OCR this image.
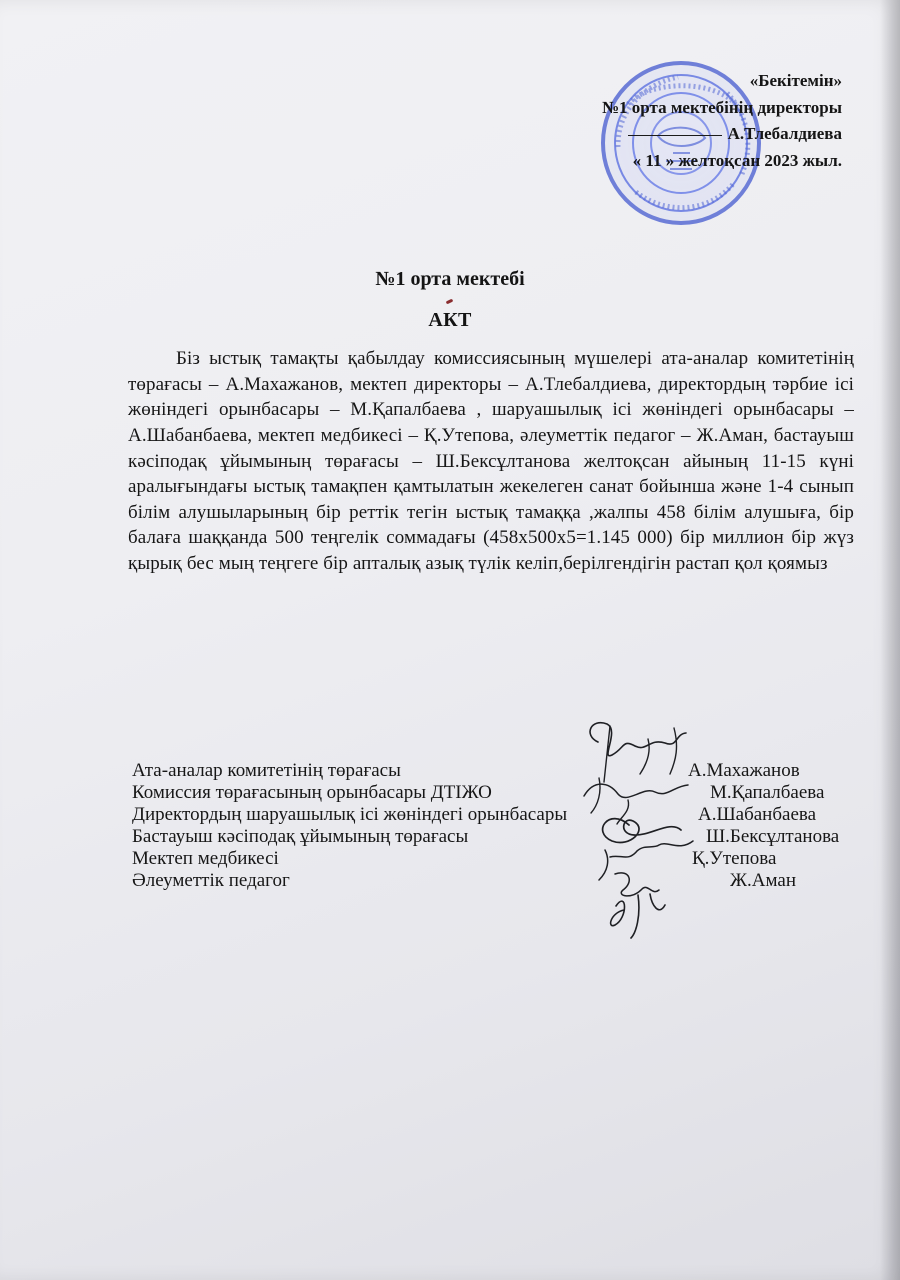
«Бекітемін»
№1 орта мектебінің директоры
А.Тлебалдиева
« 11 » желтоқсан 2023 жыл.
№1 орта мектебі
АКТ
Біз ыстық тамақты қабылдау комиссиясының мүшелері ата-аналар комитетінің төрағасы – А.Махажанов, мектеп директоры – А.Тлебалдиева, директордың тәрбие ісі жөніндегі орынбасары – М.Қапалбаева , шаруашылық ісі жөніндегі орынбасары – А.Шабанбаева, мектеп медбикесі – Қ.Утепова, әлеуметтік педагог – Ж.Аман, бастауыш кәсіподақ ұйымының төрағасы – Ш.Бексұлтанова желтоқсан айының 11-15 күні аралығындағы ыстық тамақпен қамтылатын жекелеген санат бойынша және 1-4 сынып білім алушыларының бір реттік тегін ыстық тамаққа ,жалпы 458 білім алушыға, бір балаға шаққанда 500 теңгелік соммадағы (458х500х5=1.145 000) бір миллион бір жүз қырық бес мың теңгеге бір апталық азық түлік келіп,берілгендігін растап қол қоямыз
Ата-аналар комитетінің төрағасы	А.Махажанов
Комиссия төрағасының орынбасары ДТІЖО	М.Қапалбаева
Директордың шаруашылық ісі жөніндегі орынбасары	А.Шабанбаева
Бастауыш кәсіподақ ұйымының төрағасы	Ш.Бексұлтанова
Мектеп медбикесі	Қ.Утепова
Әлеуметтік педагог	Ж.Аман
